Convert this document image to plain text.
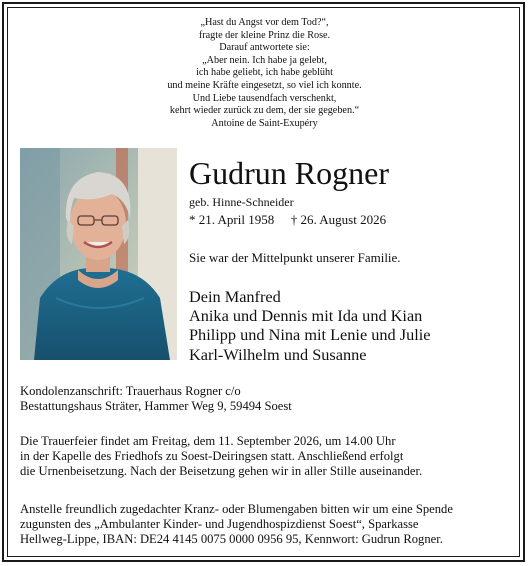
„Hast du Angst vor dem Tod?“,
fragte der kleine Prinz die Rose.
Darauf antwortete sie:
„Aber nein. Ich habe ja gelebt,
ich habe geliebt, ich habe geblüht
und meine Kräfte eingesetzt, so viel ich konnte.
Und Liebe tausendfach verschenkt,
kehrt wieder zurück zu dem, der sie gegeben.“
Antoine de Saint-Exupéry
Gudrun Rogner
geb. Hinne-Schneider
* 21. April 1958 † 26. August 2026
Sie war der Mittelpunkt unserer Familie.
Dein Manfred
Anika und Dennis mit Ida und Kian
Philipp und Nina mit Lenie und Julie
Karl-Wilhelm und Susanne
Kondolenzanschrift: Trauerhaus Rogner c/o
Bestattungshaus Sträter, Hammer Weg 9, 59494 Soest
Die Trauerfeier findet am Freitag, dem 11. September 2026, um 14.00 Uhr
in der Kapelle des Friedhofs zu Soest-Deiringsen statt. Anschließend erfolgt
die Urnenbeisetzung. Nach der Beisetzung gehen wir in aller Stille auseinander.
Anstelle freundlich zugedachter Kranz- oder Blumengaben bitten wir um eine Spende
zugunsten des „Ambulanter Kinder- und Jugendhospizdienst Soest“, Sparkasse
Hellweg-Lippe, IBAN: DE24 4145 0075 0000 0956 95, Kennwort: Gudrun Rogner.
